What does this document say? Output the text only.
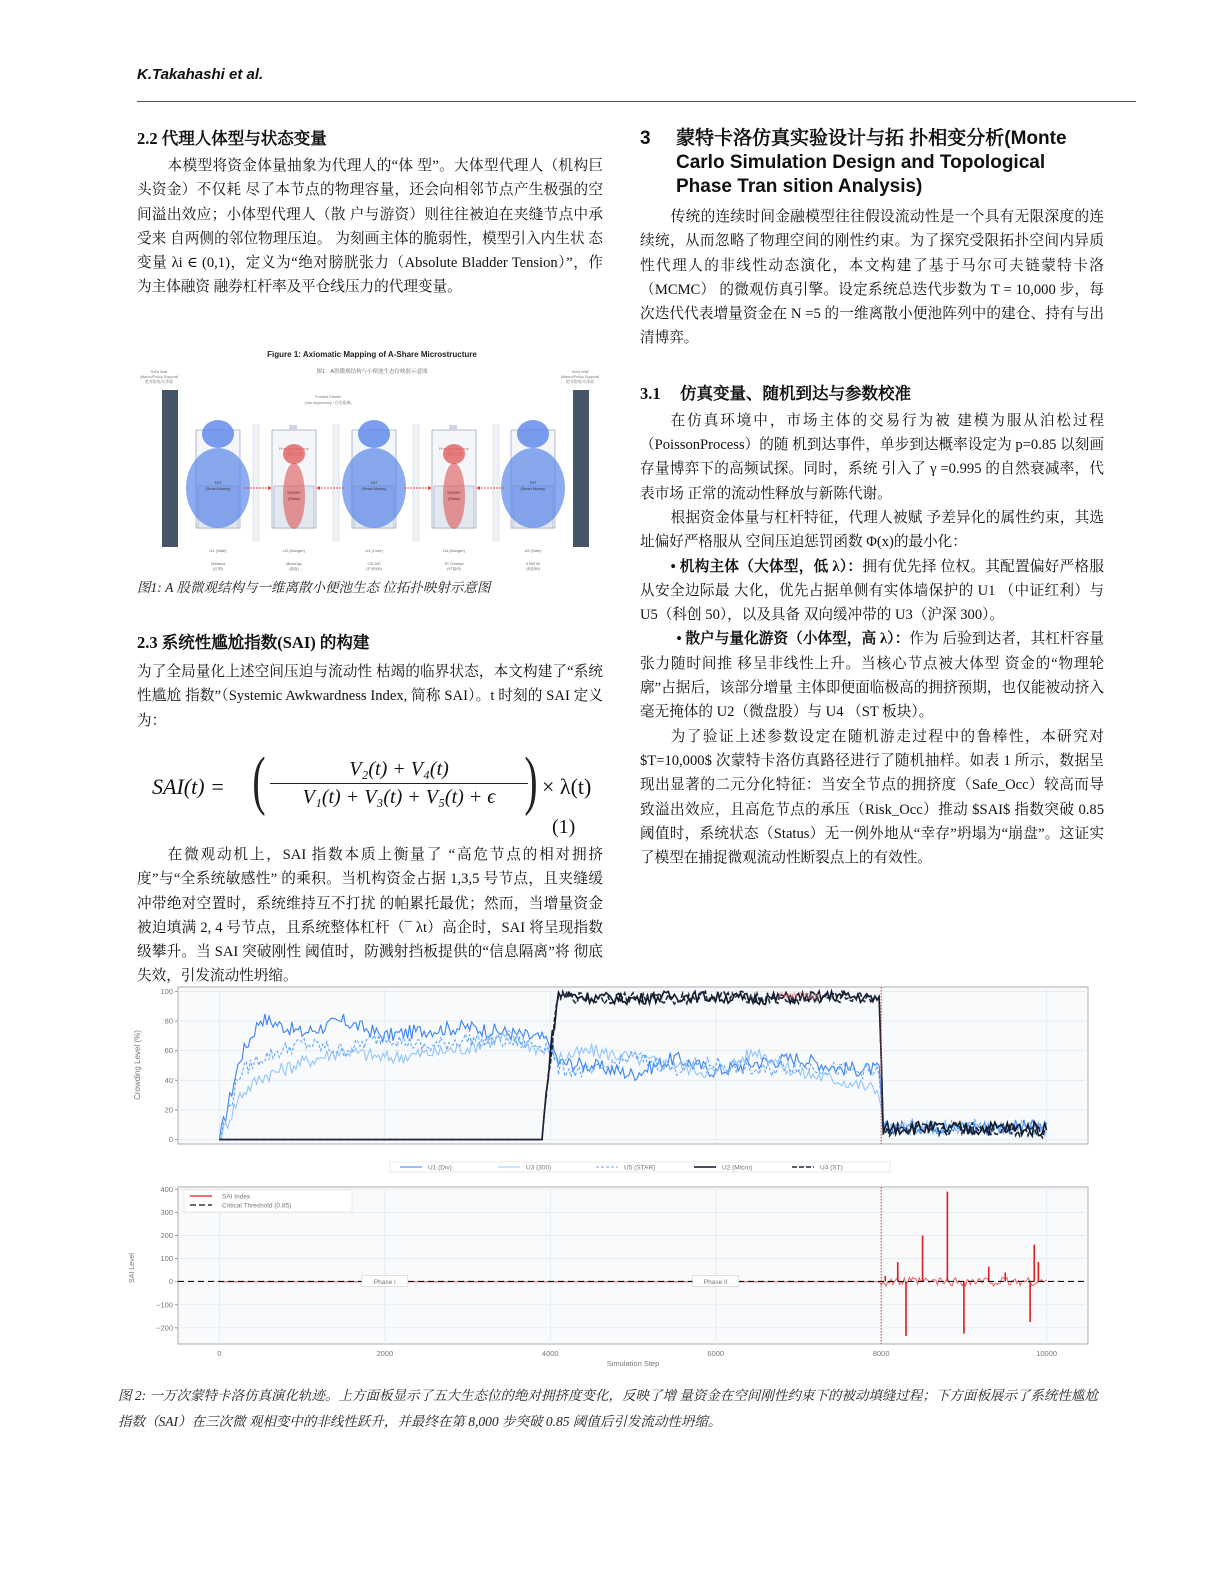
K.Takahashi et al.
2.2 代理人体型与状态变量

本模型将资金体量抽象为代理人的“体 型”。大体型代理人（机构巨头资金）不仅耗 尽了本节点的物理容量，还会向相邻节点产生极强的空间溢出效应；小体型代理人（散 户与游资）则往往被迫在夹缝节点中承受来 自两侧的邻位物理压迫。 为刻画主体的脆弱性，模型引入内生状 态变量 λi ∈ (0,1)，定义为“绝对膀胱张力（Absolute Bladder Tension）”，作为主体融资 融券杠杆率及平仓线压力的代理变量。

Figure 1: Axiomatic Mapping of A-Share Microstructure
图1：A股微观结构与小便池生态位映射示意图
Solid Wall
(Macro/Policy Support)
绝对防线/实体墙
Solid Wall
(Macro/Policy Support)
绝对防线/实体墙
Frosted Divider
(Info Asymmetry / 信息隔离)
FAT
(Smart Money)
Proximity Squeeze
(邻位压迫)
SKINNY
(Retail)
FAT
(Smart Money)
Proximity Squeeze
(邻位压迫)
SKINNY
(Retail)
FAT
(Smart Money)
U1 (Safe)
Dividend
(红利)
U2 (Danger)
MicroCap
(微盘)
U3 (Core)
CSI 300
(沪深300)
U4 (Danger)
ST Concept
(ST板块)
U5 (Safe)
STAR 50
(科创50)
图1: A 股微观结构与一维离散小便池生态 位拓扑映射示意图
2.3 系统性尴尬指数(SAI) 的构建

为了全局量化上述空间压迫与流动性 枯竭的临界状态，本文构建了“系统性尴尬 指数”（Systemic Awkwardness Index, 简称 SAI）。t 时刻的 SAI 定义为：

SAI(t) = ( $\frac{\text{V₂(t) + V₄(t)}}{\text{V₁(t) + V₃(t) + V₅(t) + ϵ}}$
) × λ(t)
(1)

在微观动机上，SAI 指数本质上衡量了 “高危节点的相对拥挤度”与“全系统敏感性” 的乘积。当机构资金占据 1,3,5 号节点，且夹缝缓冲带绝对空置时，系统维持互不打扰 的帕累托最优；然而，当增量资金被迫填满 2, 4 号节点，且系统整体杠杆（¯ λt）高企时，SAI 将呈现指数级攀升。当 SAI 突破刚性 阈值时，防溅射挡板提供的“信息隔离”将 彻底失效，引发流动性坍缩。

3	蒙特卡洛仿真实验设计与拓 扑相变分析(Monte Carlo Simulation Design and Topological Phase Tran sition Analysis)

传统的连续时间金融模型往往假设流动性是一个具有无限深度的连续统，从而忽略了物理空间的刚性约束。为了探究受限拓扑空间内异质性代理人的非线性动态演化，本文构建了基于马尔可夫链蒙特卡洛（MCMC） 的微观仿真引擎。设定系统总迭代步数为 T = 10,000 步，每次迭代代表增量资金在 N =5 的一维离散小便池阵列中的建仓、持有与出清博弈。

3.1	仿真变量、随机到达与参数校准

在仿真环境中，市场主体的交易行为被 建模为服从泊松过程（PoissonProcess）的随 机到达事件，单步到达概率设定为 p=0.85 以刻画存量博弈下的高频试探。同时，系统 引入了 γ =0.995 的自然衰减率，代表市场 正常的流动性释放与新陈代谢。

根据资金体量与杠杆特征，代理人被赋 予差异化的属性约束，其选址偏好严格服从 空间压迫惩罚函数 Φ(x)的最小化：

• 机构主体（大体型，低 λ）：拥有优先择 位权。其配置偏好严格服从安全边际最 大化，优先占据单侧有实体墙保护的 U1 （中证红利）与 U5（科创 50），以及具备 双向缓冲带的 U3（沪深 300）。

• 散户与量化游资（小体型，高 λ）：作为 后验到达者，其杠杆容量张力随时间推 移呈非线性上升。当核心节点被大体型 资金的“物理轮廓”占据后，该部分增量 主体即便面临极高的拥挤预期，也仅能被动挤入毫无掩体的 U2（微盘股）与 U4 （ST 板块）。

为了验证上述参数设定在随机游走过程中的鲁棒性，本研究对 $T=10,000$ 次蒙特卡洛仿真路径进行了随机抽样。如表 1 所示，数据呈现出显著的二元分化特征：当安全节点的拥挤度（Safe_Occ）较高而导致溢出效应，且高危节点的承压（Risk_Occ）推动 $SAI$ 指数突破 0.85 阈值时，系统状态（Status）无一例外地从“幸存”坍塌为“崩盘”。这证实了模型在捕捉微观流动性断裂点上的有效性。

0
20
40
60
80
100
Crowding Level (%)
Crash Trigger
U1 (Div)	U3 (300)	U5 (STAR)	U2 (Micro)	U4 (ST)
−200
−100
0
100
200
300
400
SAI Level	Phase I	Phase II
0	2000	4000	6000	8000	10000
Simulation Step
SAI Index
Critical Threshold (0.85)
图 2: 一万次蒙特卡洛仿真演化轨迹。上方面板显示了五大生态位的绝对拥挤度变化，反映了增 量资金在空间刚性约束下的被动填缝过程；下方面板展示了系统性尴尬指数（SAI）在三次微 观相变中的非线性跃升，并最终在第 8,000 步突破 0.85 阈值后引发流动性坍缩。
